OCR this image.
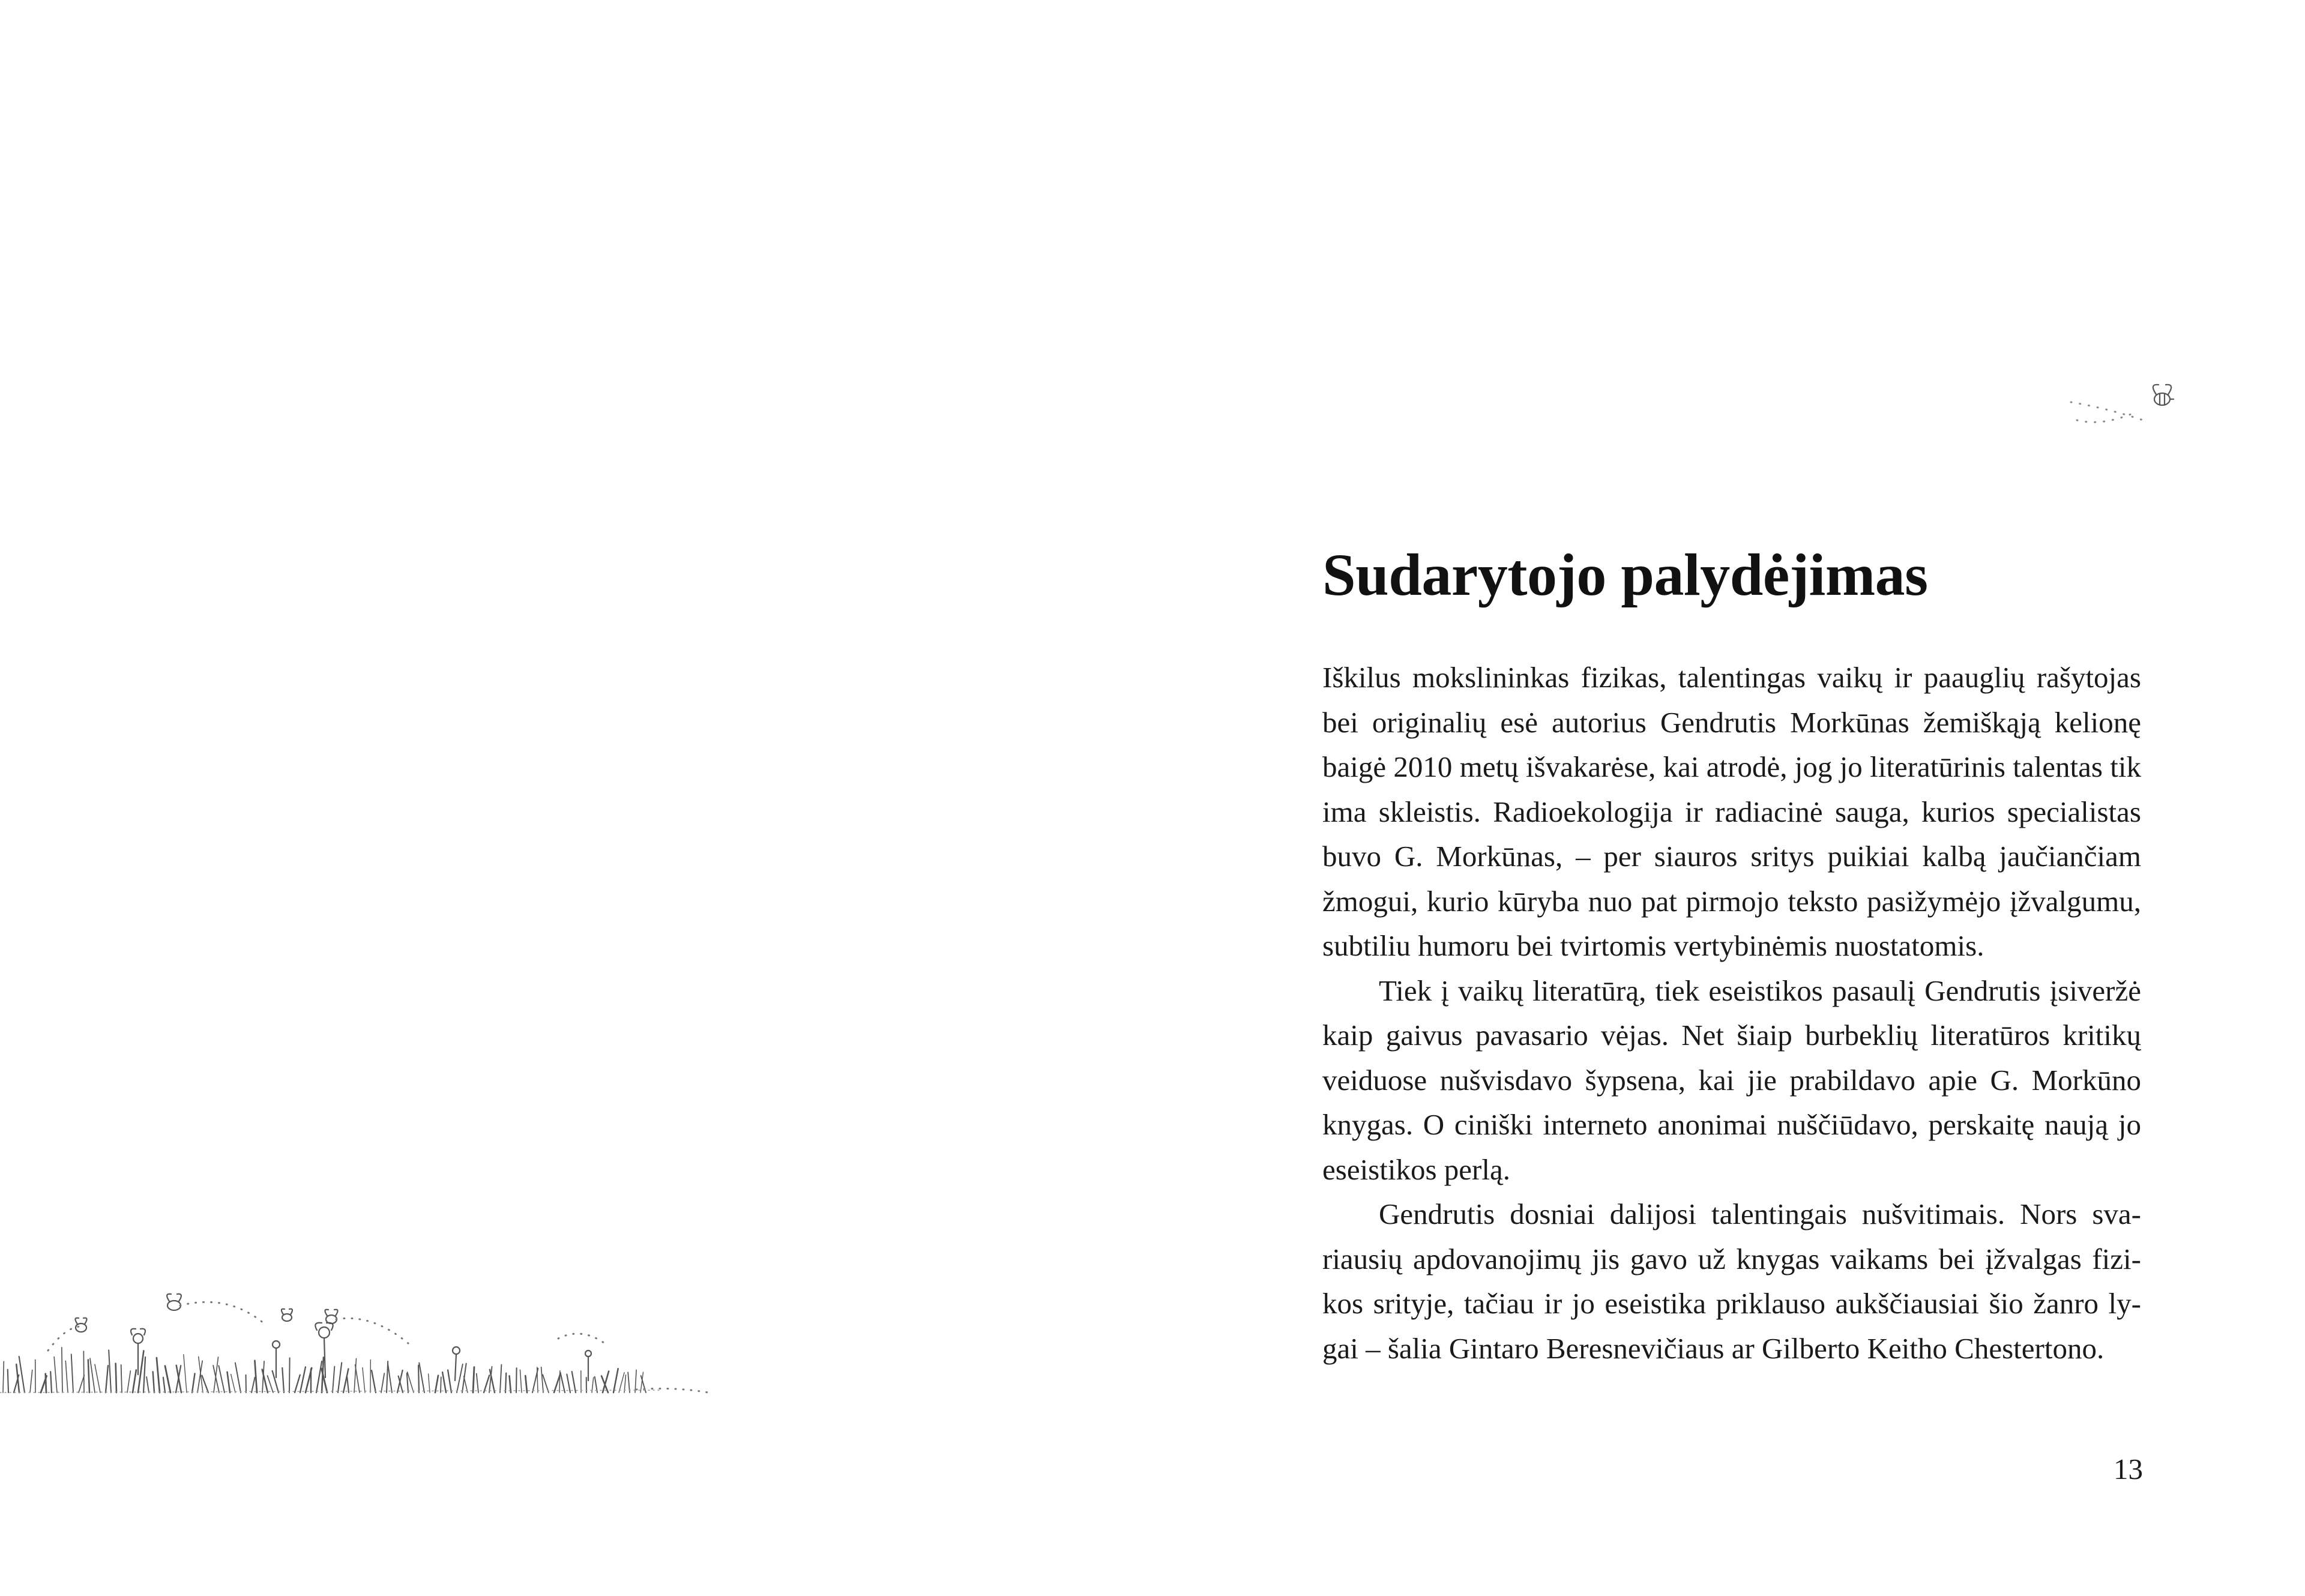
Sudarytojo palydėjimas

Iškilus mokslininkas fizikas, talentingas vaikų ir paauglių rašytojas bei originalių esė autorius Gendrutis Morkūnas žemiškąją kelionę baigė 2010 metų išvakarėse, kai atrodė, jog jo literatūrinis talentas tik ima skleistis. Radioekologija ir radiacinė sauga, kurios specialistas buvo G. Morkūnas, – per siauros sritys puikiai kalbą jaučiančiam žmogui, kurio kūryba nuo pat pirmojo teksto pasižymėjo įžvalgumu, subtiliu humoru bei tvirtomis vertybinėmis nuostatomis.

Tiek į vaikų literatūrą, tiek eseistikos pasaulį Gendrutis įsiveržė kaip gaivus pavasario vėjas. Net šiaip burbeklių literatūros kritikų veiduose nušvisdavo šypsena, kai jie prabildavo apie G. Morkūno knygas. O ciniški interneto anonimai nuščiūdavo, perskaitę naują jo eseistikos perlą.

Gendrutis dosniai dalijosi talentingais nušvitimais. Nors svariausių apdovanojimų jis gavo už knygas vaikams bei įžvalgas fizikos srityje, tačiau ir jo eseistika priklauso aukščiausiai šio žanro lygai – šalia Gintaro Beresnevičiaus ar Gilberto Keitho Chestertono.

13
